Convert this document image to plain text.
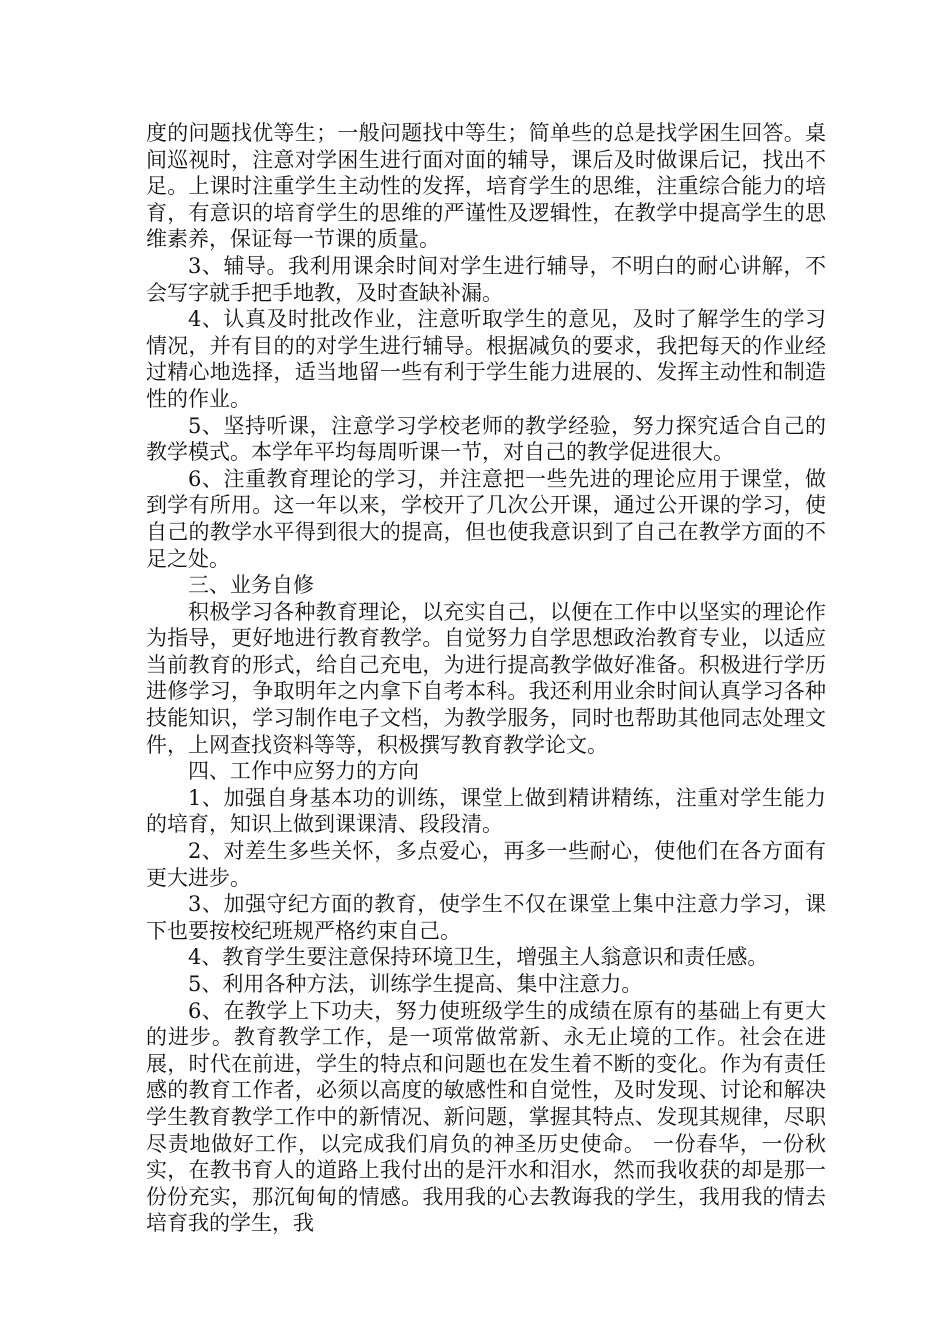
度的问题找优等生；一般问题找中等生；简单些的总是找学困生回答。桌间巡视时，注意对学困生进行面对面的辅导，课后及时做课后记，找出不足。上课时注重学生主动性的发挥，培育学生的思维，注重综合能力的培育，有意识的培育学生的思维的严谨性及逻辑性，在教学中提高学生的思维素养，保证每一节课的质量。

3、辅导。我利用课余时间对学生进行辅导，不明白的耐心讲解，不会写字就手把手地教，及时查缺补漏。

4、认真及时批改作业，注意听取学生的意见，及时了解学生的学习情况，并有目的的对学生进行辅导。根据减负的要求，我把每天的作业经过精心地选择，适当地留一些有利于学生能力进展的、发挥主动性和制造性的作业。

5、坚持听课，注意学习学校老师的教学经验，努力探究适合自己的教学模式。本学年平均每周听课一节，对自己的教学促进很大。

6、注重教育理论的学习，并注意把一些先进的理论应用于课堂，做到学有所用。这一年以来，学校开了几次公开课，通过公开课的学习，使自己的教学水平得到很大的提高，但也使我意识到了自己在教学方面的不足之处。

三、业务自修

积极学习各种教育理论，以充实自己，以便在工作中以坚实的理论作为指导，更好地进行教育教学。自觉努力自学思想政治教育专业，以适应当前教育的形式，给自己充电，为进行提高教学做好准备。积极进行学历进修学习，争取明年之内拿下自考本科。我还利用业余时间认真学习各种技能知识，学习制作电子文档，为教学服务，同时也帮助其他同志处理文件，上网查找资料等等，积极撰写教育教学论文。

四、工作中应努力的方向

1、加强自身基本功的训练，课堂上做到精讲精练，注重对学生能力的培育，知识上做到课课清、段段清。

2、对差生多些关怀，多点爱心，再多一些耐心，使他们在各方面有更大进步。

3、加强守纪方面的教育，使学生不仅在课堂上集中注意力学习，课下也要按校纪班规严格约束自己。

4、教育学生要注意保持环境卫生，增强主人翁意识和责任感。

5、利用各种方法，训练学生提高、集中注意力。

6、在教学上下功夫，努力使班级学生的成绩在原有的基础上有更大的进步。教育教学工作，是一项常做常新、永无止境的工作。社会在进展，时代在前进，学生的特点和问题也在发生着不断的变化。作为有责任感的教育工作者，必须以高度的敏感性和自觉性，及时发现、讨论和解决学生教育教学工作中的新情况、新问题，掌握其特点、发现其规律，尽职尽责地做好工作，以完成我们肩负的神圣历史使命。 一份春华，一份秋实，在教书育人的道路上我付出的是汗水和泪水，然而我收获的却是那一份份充实，那沉甸甸的情感。我用我的心去教诲我的学生，我用我的情去培育我的学生，我
